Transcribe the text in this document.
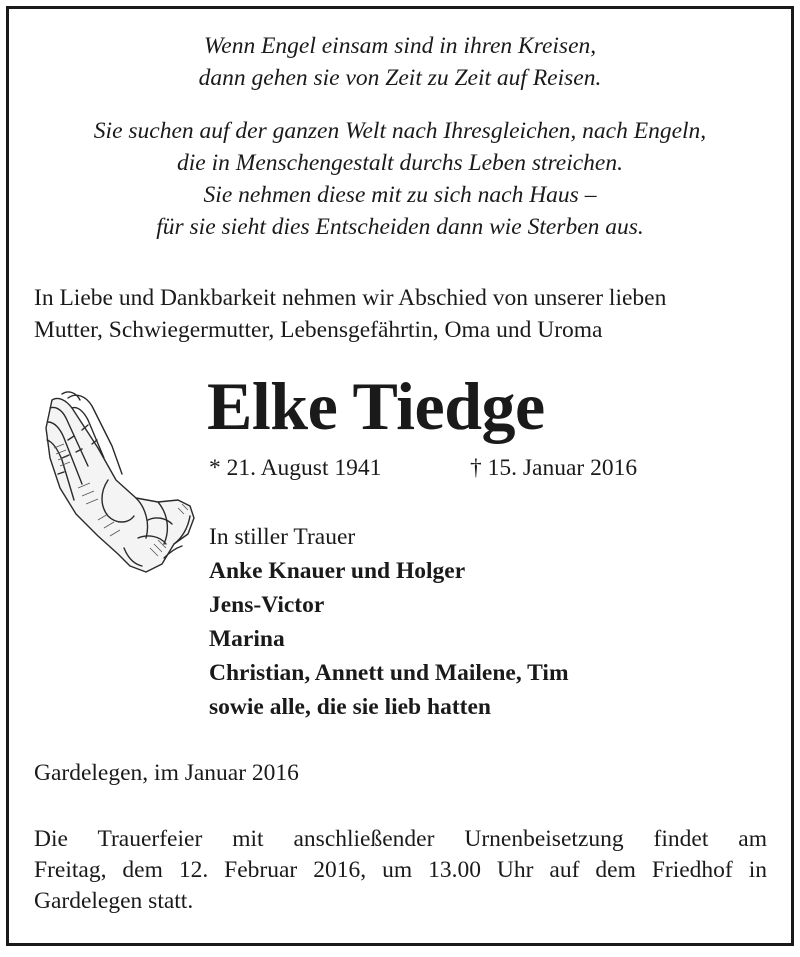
Wenn Engel einsam sind in ihren Kreisen,
dann gehen sie von Zeit zu Zeit auf Reisen.
Sie suchen auf der ganzen Welt nach Ihresgleichen, nach Engeln,
die in Menschengestalt durchs Leben streichen.
Sie nehmen diese mit zu sich nach Haus –
für sie sieht dies Entscheiden dann wie Sterben aus.
In Liebe und Dankbarkeit nehmen wir Abschied von unserer lieben
Mutter, Schwiegermutter, Lebensgefährtin, Oma und Uroma
Elke Tiedge
* 21. August 1941	† 15. Januar 2016
In stiller Trauer
Anke Knauer und Holger
Jens-Victor
Marina
Christian, Annett und Mailene, Tim
sowie alle, die sie lieb hatten
Gardelegen, im Januar 2016
Die Trauerfeier mit anschließender Urnenbeisetzung findet am
Freitag, dem 12. Februar 2016, um 13.00 Uhr auf dem Friedhof in
Gardelegen statt.
